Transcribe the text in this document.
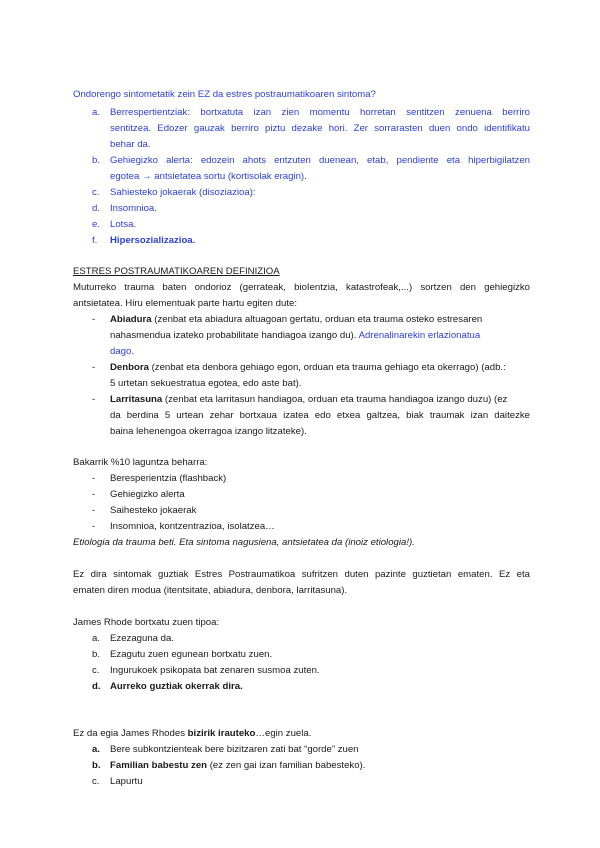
Ondorengo sintometatik zein EZ da estres postraumatikoaren sintoma?
a. Berrespertientziak: bortxatuta izan zien momentu horretan sentitzen zenuena berriro
sentitzea. Edozer gauzak berriro piztu dezake hori. Zer sorrarasten duen ondo identifikatu
behar da.
b. Gehiegizko alerta: edozein ahots entzuten duenean, etab, pendiente eta hiperbigilatzen
egotea → antsietatea sortu (kortisolak eragin).
c. Sahiesteko jokaerak (disoziazioa):
d. Insomnioa.
e. Lotsa.
f. Hipersozializazioa.
ESTRES POSTRAUMATIKOAREN DEFINIZIOA
Muturreko trauma baten ondorioz (gerrateak, bioIentzia, katastrofeak,...) sortzen den gehiegizko
antsietatea. Hiru elementuak parte hartu egiten dute:
- Abiadura (zenbat eta abiadura altuagoan gertatu, orduan eta trauma osteko estresaren
nahasmendua izateko probabilitate handiagoa izango du). Adrenalinarekin erlazionatua
dago.
- Denbora (zenbat eta denbora gehiago egon, orduan eta trauma gehiago eta okerrago) (adb.:
5 urtetan sekuestratua egotea, edo aste bat).
- Larritasuna (zenbat eta larritasun handiagoa, orduan eta trauma handiagoa izango duzu) (ez
da berdina 5 urtean zehar bortxaua izatea edo etxea galtzea, biak traumak izan daitezke
baina lehenengoa okerragoa izango litzateke).
Bakarrik %10 laguntza beharra:
- Beresperientzia (flashback)
- Gehiegizko alerta
- Saihesteko jokaerak
- Insomnioa, kontzentrazioa, isolatzea…
Etiologia da trauma beti. Eta sintoma nagusiena, antsietatea da (inoiz etiologia!).
Ez dira sintomak guztiak Estres Postraumatikoa sufritzen duten pazinte guztietan ematen. Ez eta
ematen diren modua (itentsitate, abiadura, denbora, larritasuna).
James Rhode bortxatu zuen tipoa:
a. Ezezaguna da.
b. Ezagutu zuen egunean bortxatu zuen.
c. Ingurukoek psikopata bat zenaren susmoa zuten.
d. Aurreko guztiak okerrak dira.
Ez da egia James Rhodes bizirik irauteko…egin zuela.
a. Bere subkontzienteak bere bizitzaren zati bat “gorde” zuen
b. Familian babestu zen (ez zen gai izan familian babesteko).
c. Lapurtu
